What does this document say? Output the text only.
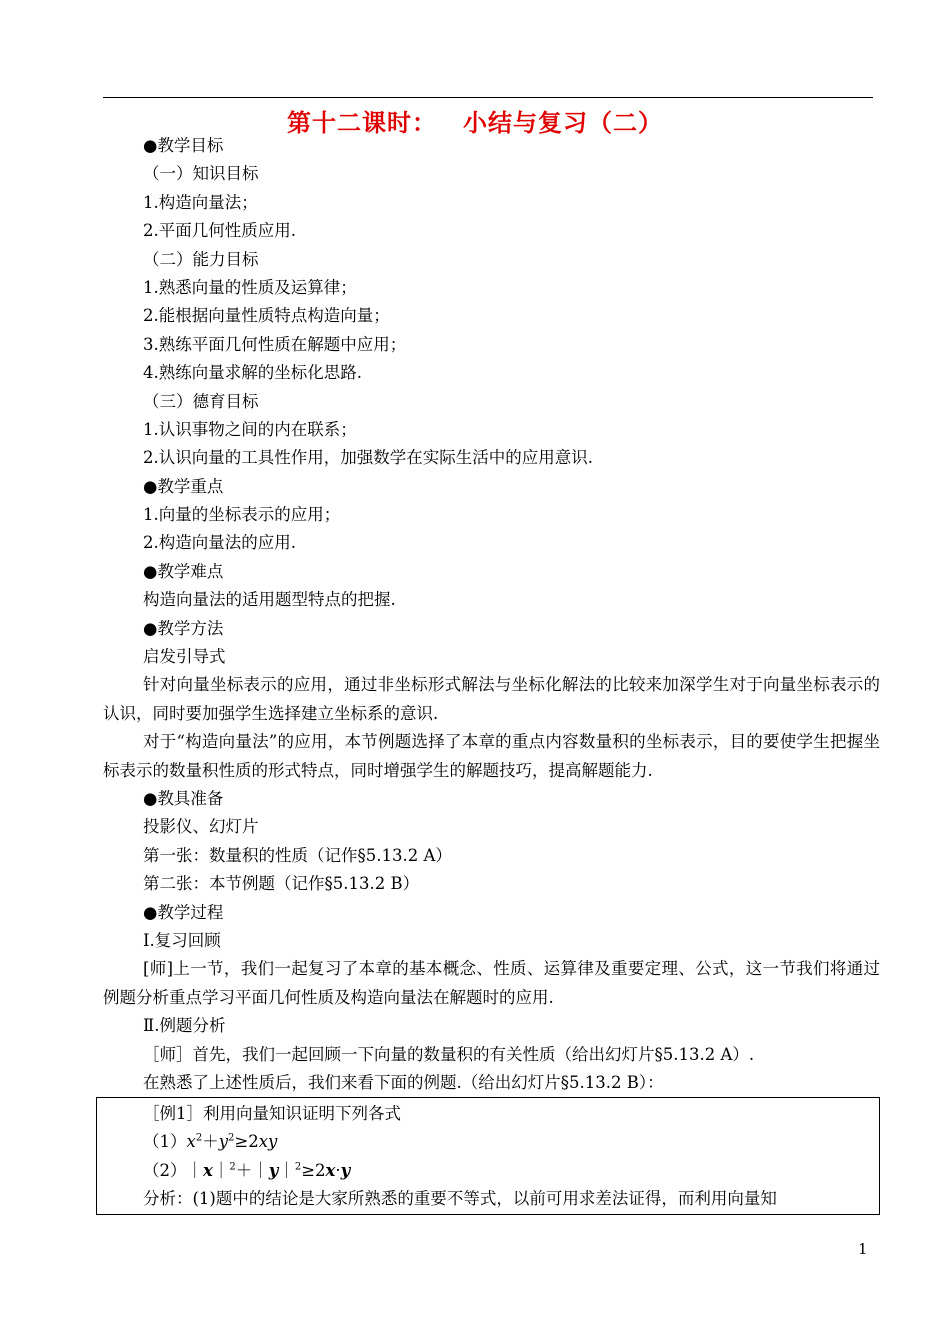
第十二课时： 小结与复习（二）
●教学目标
（一）知识目标
1.构造向量法；
2.平面几何性质应用.
（二）能力目标
1.熟悉向量的性质及运算律；
2.能根据向量性质特点构造向量；
3.熟练平面几何性质在解题中应用；
4.熟练向量求解的坐标化思路.
（三）德育目标
1.认识事物之间的内在联系；
2.认识向量的工具性作用，加强数学在实际生活中的应用意识.
●教学重点
1.向量的坐标表示的应用；
2.构造向量法的应用.
●教学难点
构造向量法的适用题型特点的把握.
●教学方法
启发引导式
针对向量坐标表示的应用，通过非坐标形式解法与坐标化解法的比较来加深学生对于向量坐标表示的认识，同时要加强学生选择建立坐标系的意识.
对于“构造向量法”的应用，本节例题选择了本章的重点内容数量积的坐标表示，目的要使学生把握坐标表示的数量积性质的形式特点，同时增强学生的解题技巧，提高解题能力.
●教具准备
投影仪、幻灯片
第一张：数量积的性质（记作§5.13.2 A）
第二张：本节例题（记作§5.13.2 B）
●教学过程
Ⅰ.复习回顾
[师]上一节，我们一起复习了本章的基本概念、性质、运算律及重要定理、公式，这一节我们将通过例题分析重点学习平面几何性质及构造向量法在解题时的应用.
Ⅱ.例题分析
［师］首先，我们一起回顾一下向量的数量积的有关性质（给出幻灯片§5.13.2 A）.
在熟悉了上述性质后，我们来看下面的例题.（给出幻灯片§5.13.2 B）：
［例1］利用向量知识证明下列各式
$(1)x^2+y^2\ge 2xy$
（2）｜x｜$^2$＋｜y｜$^2$≥2x·y
分析：(1)题中的结论是大家所熟悉的重要不等式，以前可用求差法证得，而利用向量知
1
